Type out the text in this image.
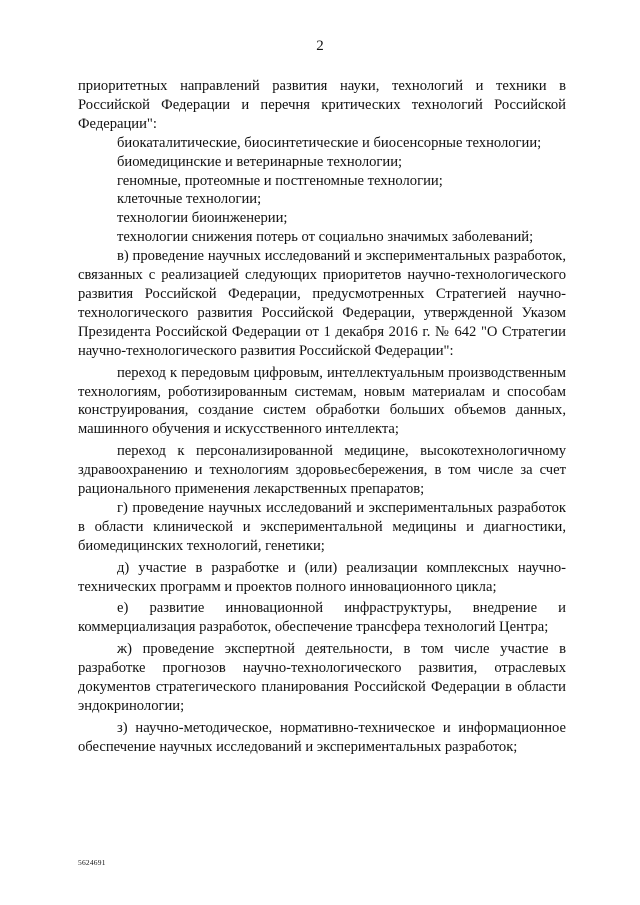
2

приоритетных направлений развития науки, технологий и техники в Российской Федерации и перечня критических технологий Российской Федерации":

биокаталитические, биосинтетические и биосенсорные технологии;

биомедицинские и ветеринарные технологии;

геномные, протеомные и постгеномные технологии;

клеточные технологии;

технологии биоинженерии;

технологии снижения потерь от социально значимых заболеваний;

в) проведение научных исследований и экспериментальных разработок, связанных с реализацией следующих приоритетов научно-технологического развития Российской Федерации, предусмотренных Стратегией научно-технологического развития Российской Федерации, утвержденной Указом Президента Российской Федерации от 1 декабря 2016 г. № 642 "О Стратегии научно-технологического развития Российской Федерации":

переход к передовым цифровым, интеллектуальным производственным технологиям, роботизированным системам, новым материалам и способам конструирования, создание систем обработки больших объемов данных, машинного обучения и искусственного интеллекта;

переход к персонализированной медицине, высокотехнологичному здравоохранению и технологиям здоровьесбережения, в том числе за счет рационального применения лекарственных препаратов;

г) проведение научных исследований и экспериментальных разработок в области клинической и экспериментальной медицины и диагностики, биомедицинских технологий, генетики;

д) участие в разработке и (или) реализации комплексных научно-технических программ и проектов полного инновационного цикла;

е) развитие инновационной инфраструктуры, внедрение и коммерциализация разработок, обеспечение трансфера технологий Центра;

ж) проведение экспертной деятельности, в том числе участие в разработке прогнозов научно-технологического развития, отраслевых документов стратегического планирования Российской Федерации в области эндокринологии;

з) научно-методическое, нормативно-техническое и информационное обеспечение научных исследований и экспериментальных разработок;

5624691
